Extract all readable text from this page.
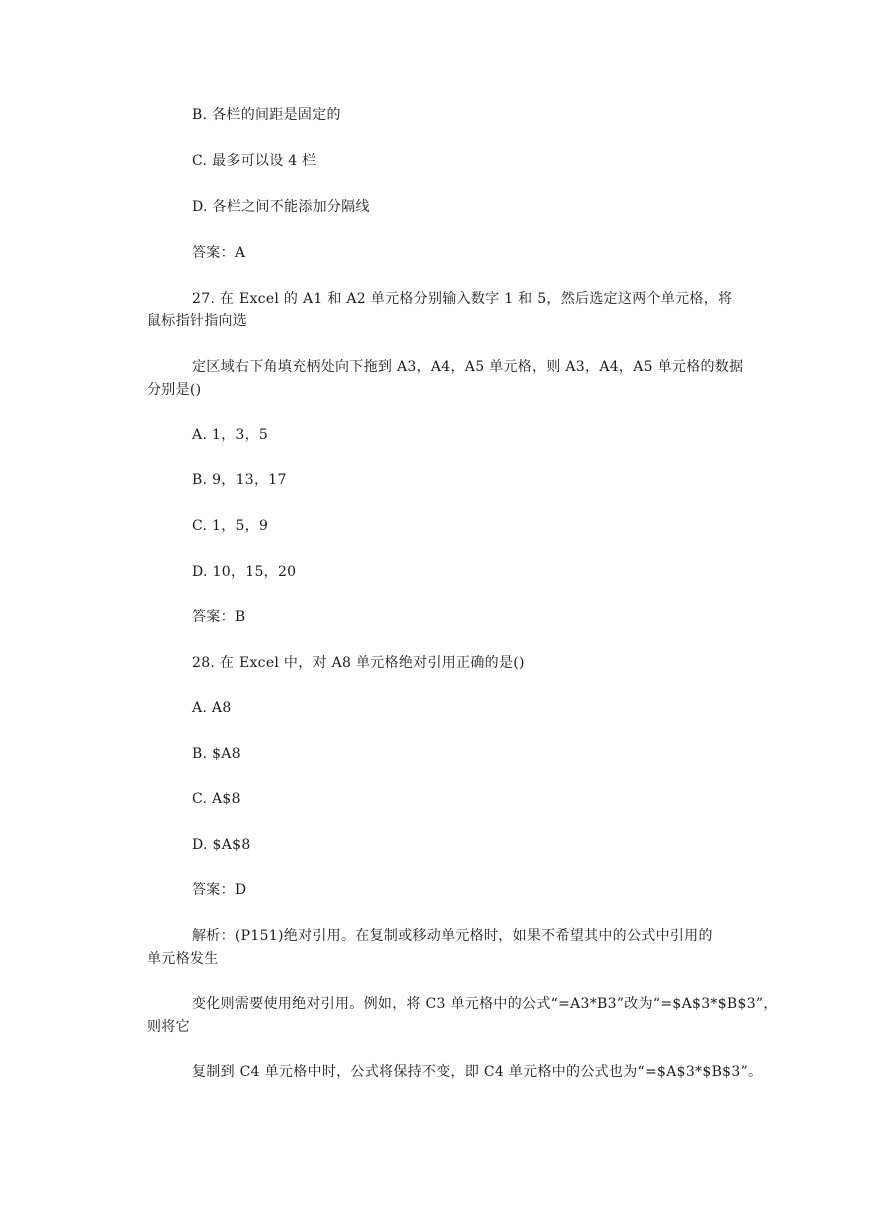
B. 各栏的间距是固定的
C. 最多可以设 4 栏
D. 各栏之间不能添加分隔线
答案：A
27. 在 Excel 的 A1 和 A2 单元格分别输入数字 1 和 5，然后选定这两个单元格，将
鼠标指针指向选
定区域右下角填充柄处向下拖到 A3，A4，A5 单元格，则 A3，A4，A5 单元格的数据
分别是()
A. 1，3，5
B. 9，13，17
C. 1，5，9
D. 10，15，20
答案：B
28. 在 Excel 中，对 A8 单元格绝对引用正确的是()
A. A8
B. $A8
C. A$8
D. $A$8
答案：D
解析：(P151)绝对引用。在复制或移动单元格时，如果不希望其中的公式中引用的
单元格发生
变化则需要使用绝对引用。例如，将 C3 单元格中的公式“=A3*B3”改为“=$A$3*$B$3”，
则将它
复制到 C4 单元格中时，公式将保持不变，即 C4 单元格中的公式也为“=$A$3*$B$3”。
